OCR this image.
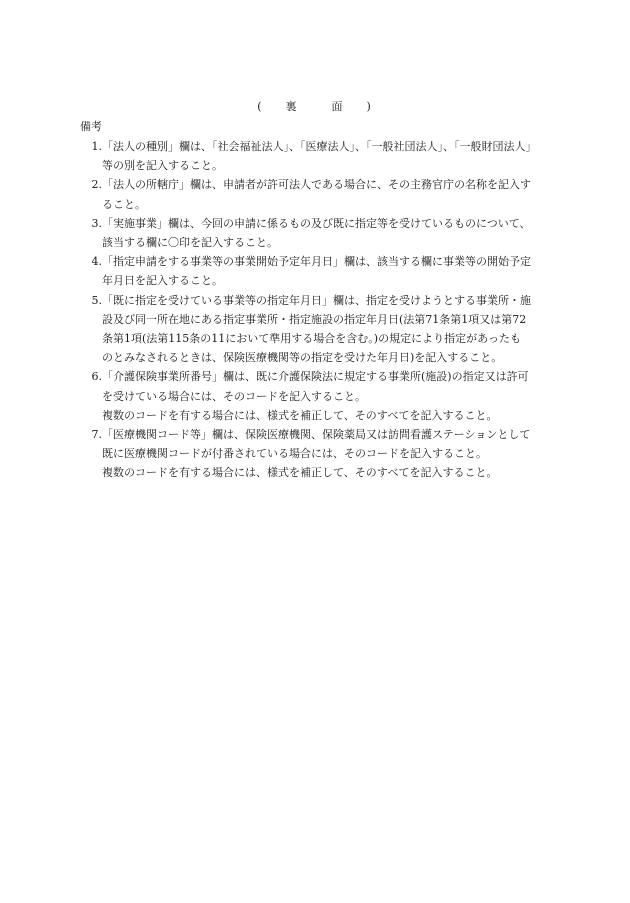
( 裏	面 )
備考
1. 「法人の種別」欄は、「社会福祉法人」、「医療法人」、「一般社団法人」、「一般財団法人」
等の別を記入すること。
2. 「法人の所轄庁」欄は、申請者が許可法人である場合に、その主務官庁の名称を記入す
ること。
3. 「実施事業」欄は、今回の申請に係るもの及び既に指定等を受けているものについて、
該当する欄に〇印を記入すること。
4. 「指定申請をする事業等の事業開始予定年月日」欄は、該当する欄に事業等の開始予定
年月日を記入すること。
5. 「既に指定を受けている事業等の指定年月日」欄は、指定を受けようとする事業所・施
設及び同一所在地にある指定事業所・指定施設の指定年月日(法第71条第1項又は第72
条第1項(法第115条の11において準用する場合を含む。)の規定により指定があったも
のとみなされるときは、保険医療機関等の指定を受けた年月日)を記入すること。
6. 「介護保険事業所番号」欄は、既に介護保険法に規定する事業所(施設)の指定又は許可
を受けている場合には、そのコードを記入すること。
複数のコードを有する場合には、様式を補正して、そのすべてを記入すること。
7. 「医療機関コード等」欄は、保険医療機関、保険薬局又は訪問看護ステーションとして
既に医療機関コードが付番されている場合には、そのコードを記入すること。
複数のコードを有する場合には、様式を補正して、そのすべてを記入すること。
